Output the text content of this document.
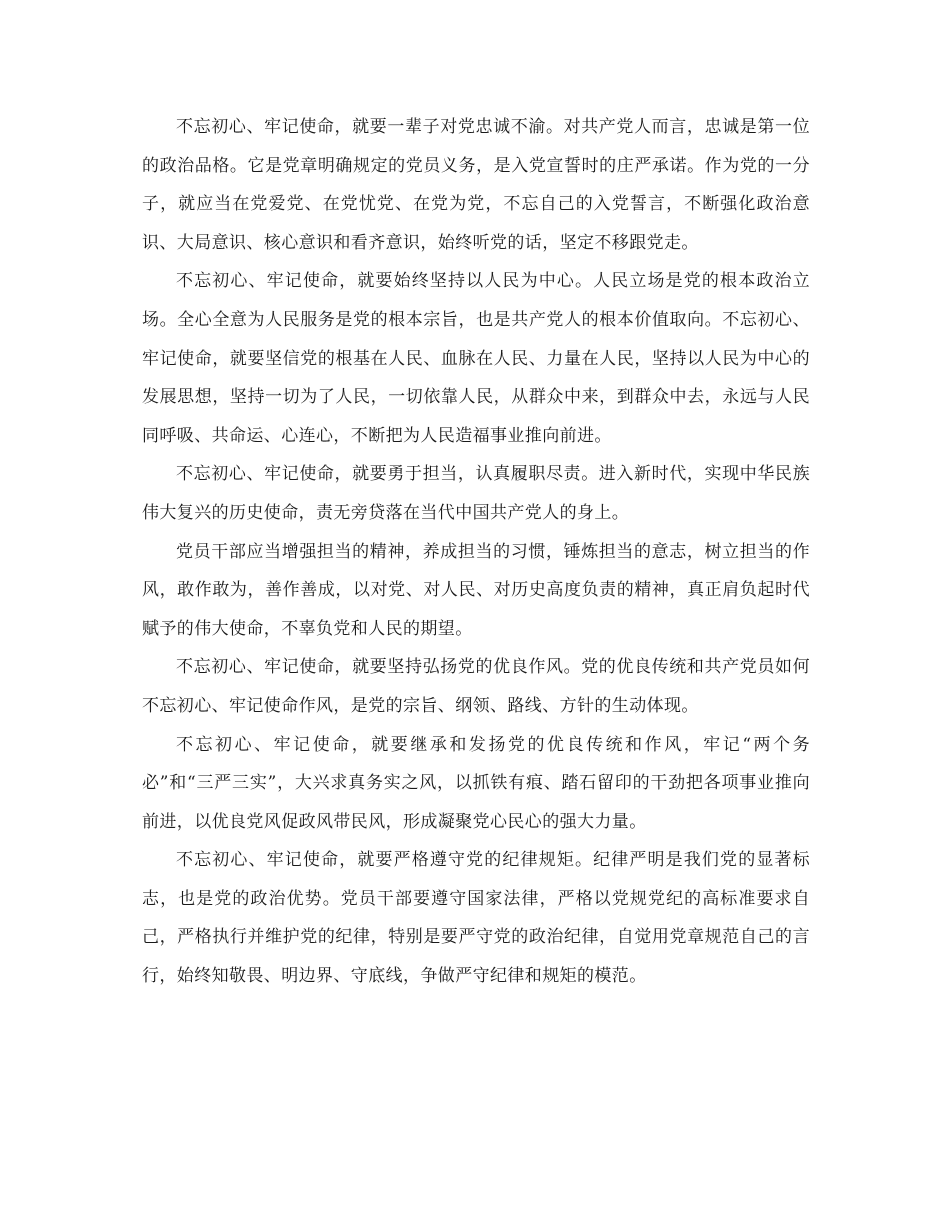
不忘初心、牢记使命，就要一辈子对党忠诚不渝。对共产党人而言，忠诚是第一位的政治品格。它是党章明确规定的党员义务，是入党宣誓时的庄严承诺。作为党的一分子，就应当在党爱党、在党忧党、在党为党，不忘自己的入党誓言，不断强化政治意识、大局意识、核心意识和看齐意识，始终听党的话，坚定不移跟党走。

不忘初心、牢记使命，就要始终坚持以人民为中心。人民立场是党的根本政治立场。全心全意为人民服务是党的根本宗旨，也是共产党人的根本价值取向。不忘初心、牢记使命，就要坚信党的根基在人民、血脉在人民、力量在人民，坚持以人民为中心的发展思想，坚持一切为了人民，一切依靠人民，从群众中来，到群众中去，永远与人民同呼吸、共命运、心连心，不断把为人民造福事业推向前进。

不忘初心、牢记使命，就要勇于担当，认真履职尽责。进入新时代，实现中华民族伟大复兴的历史使命，责无旁贷落在当代中国共产党人的身上。

党员干部应当增强担当的精神，养成担当的习惯，锤炼担当的意志，树立担当的作风，敢作敢为，善作善成，以对党、对人民、对历史高度负责的精神，真正肩负起时代赋予的伟大使命，不辜负党和人民的期望。

不忘初心、牢记使命，就要坚持弘扬党的优良作风。党的优良传统和共产党员如何不忘初心、牢记使命作风，是党的宗旨、纲领、路线、方针的生动体现。

不忘初心、牢记使命，就要继承和发扬党的优良传统和作风，牢记“两个务必”和“三严三实”，大兴求真务实之风，以抓铁有痕、踏石留印的干劲把各项事业推向前进，以优良党风促政风带民风，形成凝聚党心民心的强大力量。

不忘初心、牢记使命，就要严格遵守党的纪律规矩。纪律严明是我们党的显著标志，也是党的政治优势。党员干部要遵守国家法律，严格以党规党纪的高标准要求自己，严格执行并维护党的纪律，特别是要严守党的政治纪律，自觉用党章规范自己的言行，始终知敬畏、明边界、守底线，争做严守纪律和规矩的模范。
